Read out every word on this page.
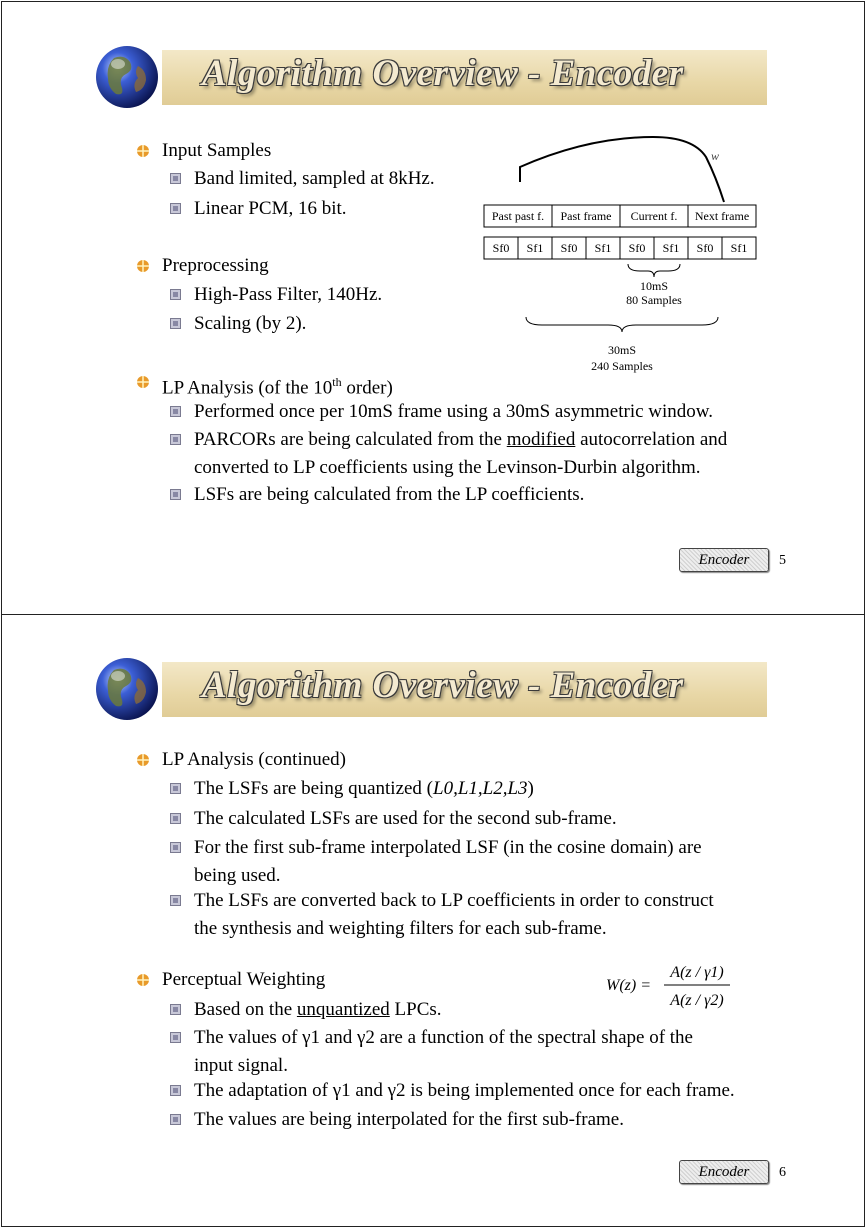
Algorithm Overview - Encoder
Input Samples
Band limited, sampled at 8kHz.
Linear PCM, 16 bit.
Preprocessing
High-Pass Filter, 140Hz.
Scaling (by 2).
LP Analysis (of the 10th order)
Performed once per 10mS frame using a 30mS asymmetric window.
PARCORs are being calculated from the modified autocorrelation and
converted to LP coefficients using the Levinson-Durbin algorithm.
LSFs are being calculated from the LP coefficients.
w
Past past f. Past frame Current f. Next frame
Sf0 Sf1 Sf0 Sf1 Sf0 Sf1 Sf0 Sf1
10mS
80 Samples
30mS
240 Samples
Encoder	5
Algorithm Overview - Encoder
LP Analysis (continued)
The LSFs are being quantized (L0,L1,L2,L3)
The calculated LSFs are used for the second sub-frame.
For the first sub-frame interpolated LSF (in the cosine domain) are
being used.
The LSFs are converted back to LP coefficients in order to construct
the synthesis and weighting filters for each sub-frame.
Perceptual Weighting
Based on the unquantized LPCs.
The values of γ1 and γ2 are a function of the spectral shape of the
input signal.
The adaptation of γ1 and γ2 is being implemented once for each frame.
The values are being interpolated for the first sub-frame.
W(z) =
A(z / γ1)
A(z / γ2)
Encoder	6
